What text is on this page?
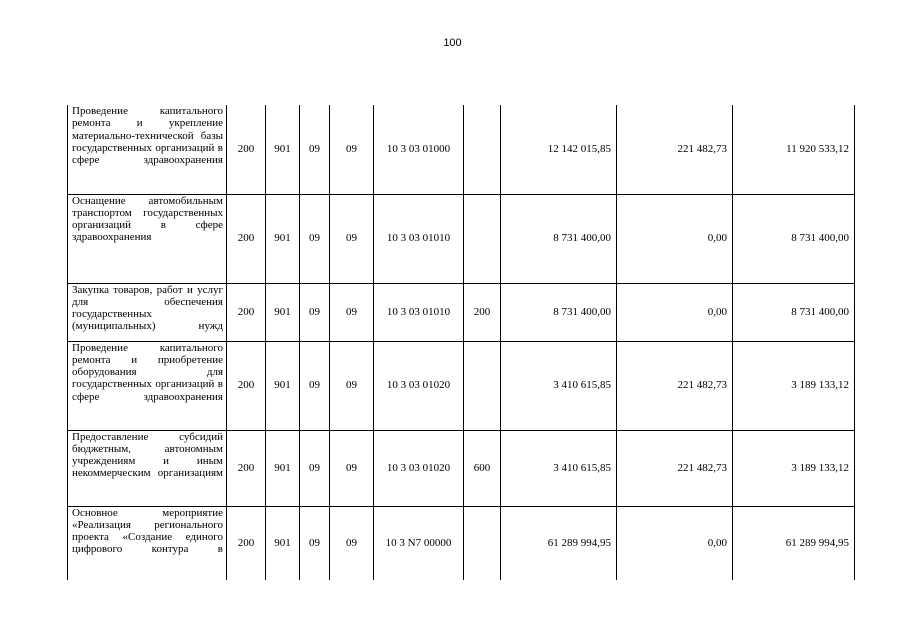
100
Проведение капитального ремонта и укрепление материально-технической базы государственных организаций в сфере здравоохранения	200	901	09	09	10 3 03 01000		12 142 015,85	221 482,73	11 920 533,12
Оснащение автомобильным транспортом государственных организаций в сфере здравоохранения	200	901	09	09	10 3 03 01010		8 731 400,00	0,00	8 731 400,00
Закупка товаров, работ и услуг для обеспечения государственных (муниципальных) нужд	200	901	09	09	10 3 03 01010	200	8 731 400,00	0,00	8 731 400,00
Проведение капитального ремонта и приобретение оборудования для государственных организаций в сфере здравоохранения	200	901	09	09	10 3 03 01020		3 410 615,85	221 482,73	3 189 133,12
Предоставление субсидий бюджетным, автономным учреждениям и иным некоммерческим организациям	200	901	09	09	10 3 03 01020	600	3 410 615,85	221 482,73	3 189 133,12
Основное мероприятие «Реализация регионального проекта «Создание единого цифрового контура в	200	901	09	09	10 3 N7 00000		61 289 994,95	0,00	61 289 994,95
